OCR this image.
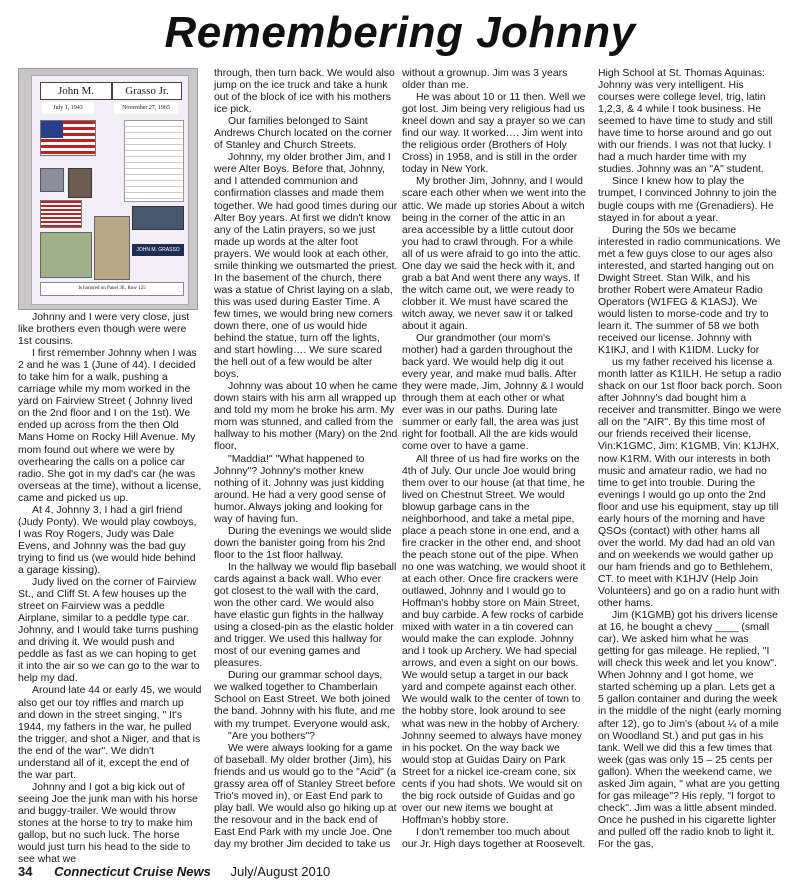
Remembering Johnny
John M.	Grasso Jr.
July 1, 1943	November 27, 1965
JOHN M. GRASSO
Is honored on Panel 3E, Row 125

Johnny and I were very close, just like brothers even though were were 1st cousins.

I first remember Johnny when I was 2 and he was 1 (June of 44). I decided to take him for a walk, pushing a carriage while my mom worked in the yard on Fairview Street ( Johnny lived on the 2nd floor and I on the 1st). We ended up across from the then Old Mans Home on Rocky Hill Avenue. My mom found out where we were by overhearing the calls on a police car radio. She got in my dad's car (he was overseas at the time), without a license, came and picked us up.

At 4, Johnny 3, I had a girl friend (Judy Ponty). We would play cowboys, I was Roy Rogers, Judy was Dale Evens, and Johnny was the bad guy trying to find us (we would hide behind a garage kissing).

Judy lived on the corner of Fairview St., and Cliff St. A few houses up the street on Fairview was a peddle Airplane, similar to a peddle type car. Johnny, and I would take turns pushing and driving it. We would push and peddle as fast as we can hoping to get it into the air so we can go to the war to help my dad.

Around late 44 or early 45, we would also get our toy riffles and march up and down in the street singing, " It's 1944, my fathers in the war, he pulled the trigger, and shot a Niger, and that is the end of the war". We didn't understand all of it, except the end of the war part.

Johnny and I got a big kick out of seeing Joe the junk man with his horse and buggy-trailer. We would throw stones at the horse to try to make him gallop, but no such luck. The horse would just turn his head to the side to see what we

through, then turn back. We would also jump on the ice truck and take a hunk out of the block of ice with his mothers ice pick.

Our families belonged to Saint Andrews Church located on the corner of Stanley and Church Streets.

Johnny, my older brother Jim, and I were Alter Boys. Before that, Johnny, and I attended communion and confirmation classes and made them together. We had good times during our Alter Boy years. At first we didn't know any of the Latin prayers, so we just made up words at the alter foot prayers. We would look at each other, smile thinking we outsmarted the priest. In the basement of the church, there was a statue of Christ laying on a slab, this was used during Easter Time. A few times, we would bring new comers down there, one of us would hide behind the statue, turn off the lights, and start howling…. We sure scared the hell out of a few would be alter boys.

Johnny was about 10 when he came down stairs with his arm all wrapped up and told my mom he broke his arm. My mom was stunned, and called from the hallway to his mother (Mary) on the 2nd floor,

"Maddia!" "What happened to Johnny"? Johnny's mother knew nothing of it. Johnny was just kidding around. He had a very good sense of humor. Always joking and looking for way of having fun.

During the evenings we would slide down the banister going from his 2nd floor to the 1st floor hallway.

In the hallway we would flip baseball cards against a back wall. Who ever got closest to the wall with the card, won the other card. We would also have elastic gun fights in the hallway using a closed-pin as the elastic holder and trigger. We used this hallway for most of our evening games and pleasures.

During our grammar school days, we walked together to Chamberlain School on East Street. We both joined the band. Johnny with his flute, and me with my trumpet. Everyone would ask,

"Are you bothers"?

We were always looking for a game of baseball. My older brother (Jim), his friends and us would go to the "Acid" (a grassy area off of Stanley Street before Trio's moved in), or East End park to play ball. We would also go hiking up at the resovour and in the back end of East End Park with my uncle Joe. One day my brother Jim decided to take us

without a grownup. Jim was 3 years older than me.

He was about 10 or 11 then. Well we got lost. Jim being very religious had us kneel down and say a prayer so we can find our way. It worked…. Jim went into the religious order (Brothers of Holy Cross) in 1958, and is still in the order today in New York.

My brother Jim, Johnny, and I would scare each other when we went into the attic. We made up stories About a witch being in the corner of the attic in an area accessible by a little cutout door you had to crawl through. For a while all of us were afraid to go into the attic. One day we said the heck with it, and grab a bat And went there any ways. If the witch came out, we were ready to clobber it. We must have scared the witch away, we never saw it or talked about it again.

Our grandmother (our mom's mother) had a garden throughout the back yard. We would help dig it out every year, and make mud balls. After they were made, Jim, Johnny & I would through them at each other or what ever was in our paths. During late summer or early fall, the area was just right for football. All the are kids would come over to have a game.

All three of us had fire works on the 4th of July. Our uncle Joe would bring them over to our house (at that time, he lived on Chestnut Street. We would blowup garbage cans in the neighborhood, and take a metal pipe, place a peach stone in one end, and a fire cracker in the other end, and shoot the peach stone out of the pipe. When no one was watching, we would shoot it at each other. Once fire crackers were outlawed, Johnny and I would go to Hoffman's hobby store on Main Street, and buy carbide. A few rocks of carbide mixed with water in a tin covered can would make the can explode. Johnny and I took up Archery. We had special arrows, and even a sight on our bows. We would setup a target in our back yard and compete against each other. We would walk to the center of town to the hobby store, look around to see what was new in the hobby of Archery. Johnny seemed to always have money in his pocket. On the way back we would stop at Guidas Dairy on Park Street for a nickel ice-cream cone, six cents if you had shots. We would sit on the big rock outside of Guidas and go over our new items we bought at Hoffman's hobby store.

I don't remember too much about our Jr. High days together at Roosevelt.

High School at St. Thomas Aquinas: Johnny was very intelligent. His courses were college level, trig, latin 1,2,3, & 4 while I took business. He seemed to have time to study and still have time to horse around and go out with our friends. I was not that lucky. I had a much harder time with my studies. Johnny was an "A" student.

Since I knew how to play the trumpet, I convinced Johnny to join the bugle coups with me (Grenadiers). He stayed in for about a year.

During the 50s we became interested in radio communications. We met a few guys close to our ages also interested, and started hanging out on Dwight Street. Stan Wilk, and his brother Robert were Amateur Radio Operators (W1FEG & K1ASJ). We would listen to morse-code and try to learn it. The summer of 58 we both received our license. Johnny with K1IKJ, and I with K1IDM. Lucky for

us my father received his license a month latter as K1ILH. He setup a radio shack on our 1st floor back porch. Soon after Johnny's dad bought him a receiver and transmitter. Bingo we were all on the "AIR". By this time most of our friends received their license, Vin:K1GMC, Jim: K1GMB, Vin: K1JHX, now K1RM. With our interests in both music and amateur radio, we had no time to get into trouble. During the evenings I would go up onto the 2nd floor and use his equipment, stay up till early hours of the morning and have QSOs (contact) with other hams all over the world. My dad had an old van and on weekends we would gather up our ham friends and go to Bethlehem, CT. to meet with K1HJV (Help Join Volunteers) and go on a radio hunt with other hams.

Jim (K1GMB) got his drivers license at 16, he bought a chevy ____ (small car). We asked him what he was getting for gas mileage. He replied, "I will check this week and let you know". When Johnny and I got home, we started scheming up a plan. Lets get a 5 gallon container and during the week in the middle of the night (early morning after 12), go to Jim's (about ¼ of a mile on Woodland St.) and put gas in his tank. Well we did this a few times that week (gas was only 15 – 25 cents per gallon). When the weekend came, we asked Jim again, " what are you getting for gas mileage"? His reply, "I forgot to check". Jim was a little absent minded. Once he pushed in his cigarette lighter and pulled off the radio knob to light it. For the gas,

34 Connecticut Cruise News July/August 2010
